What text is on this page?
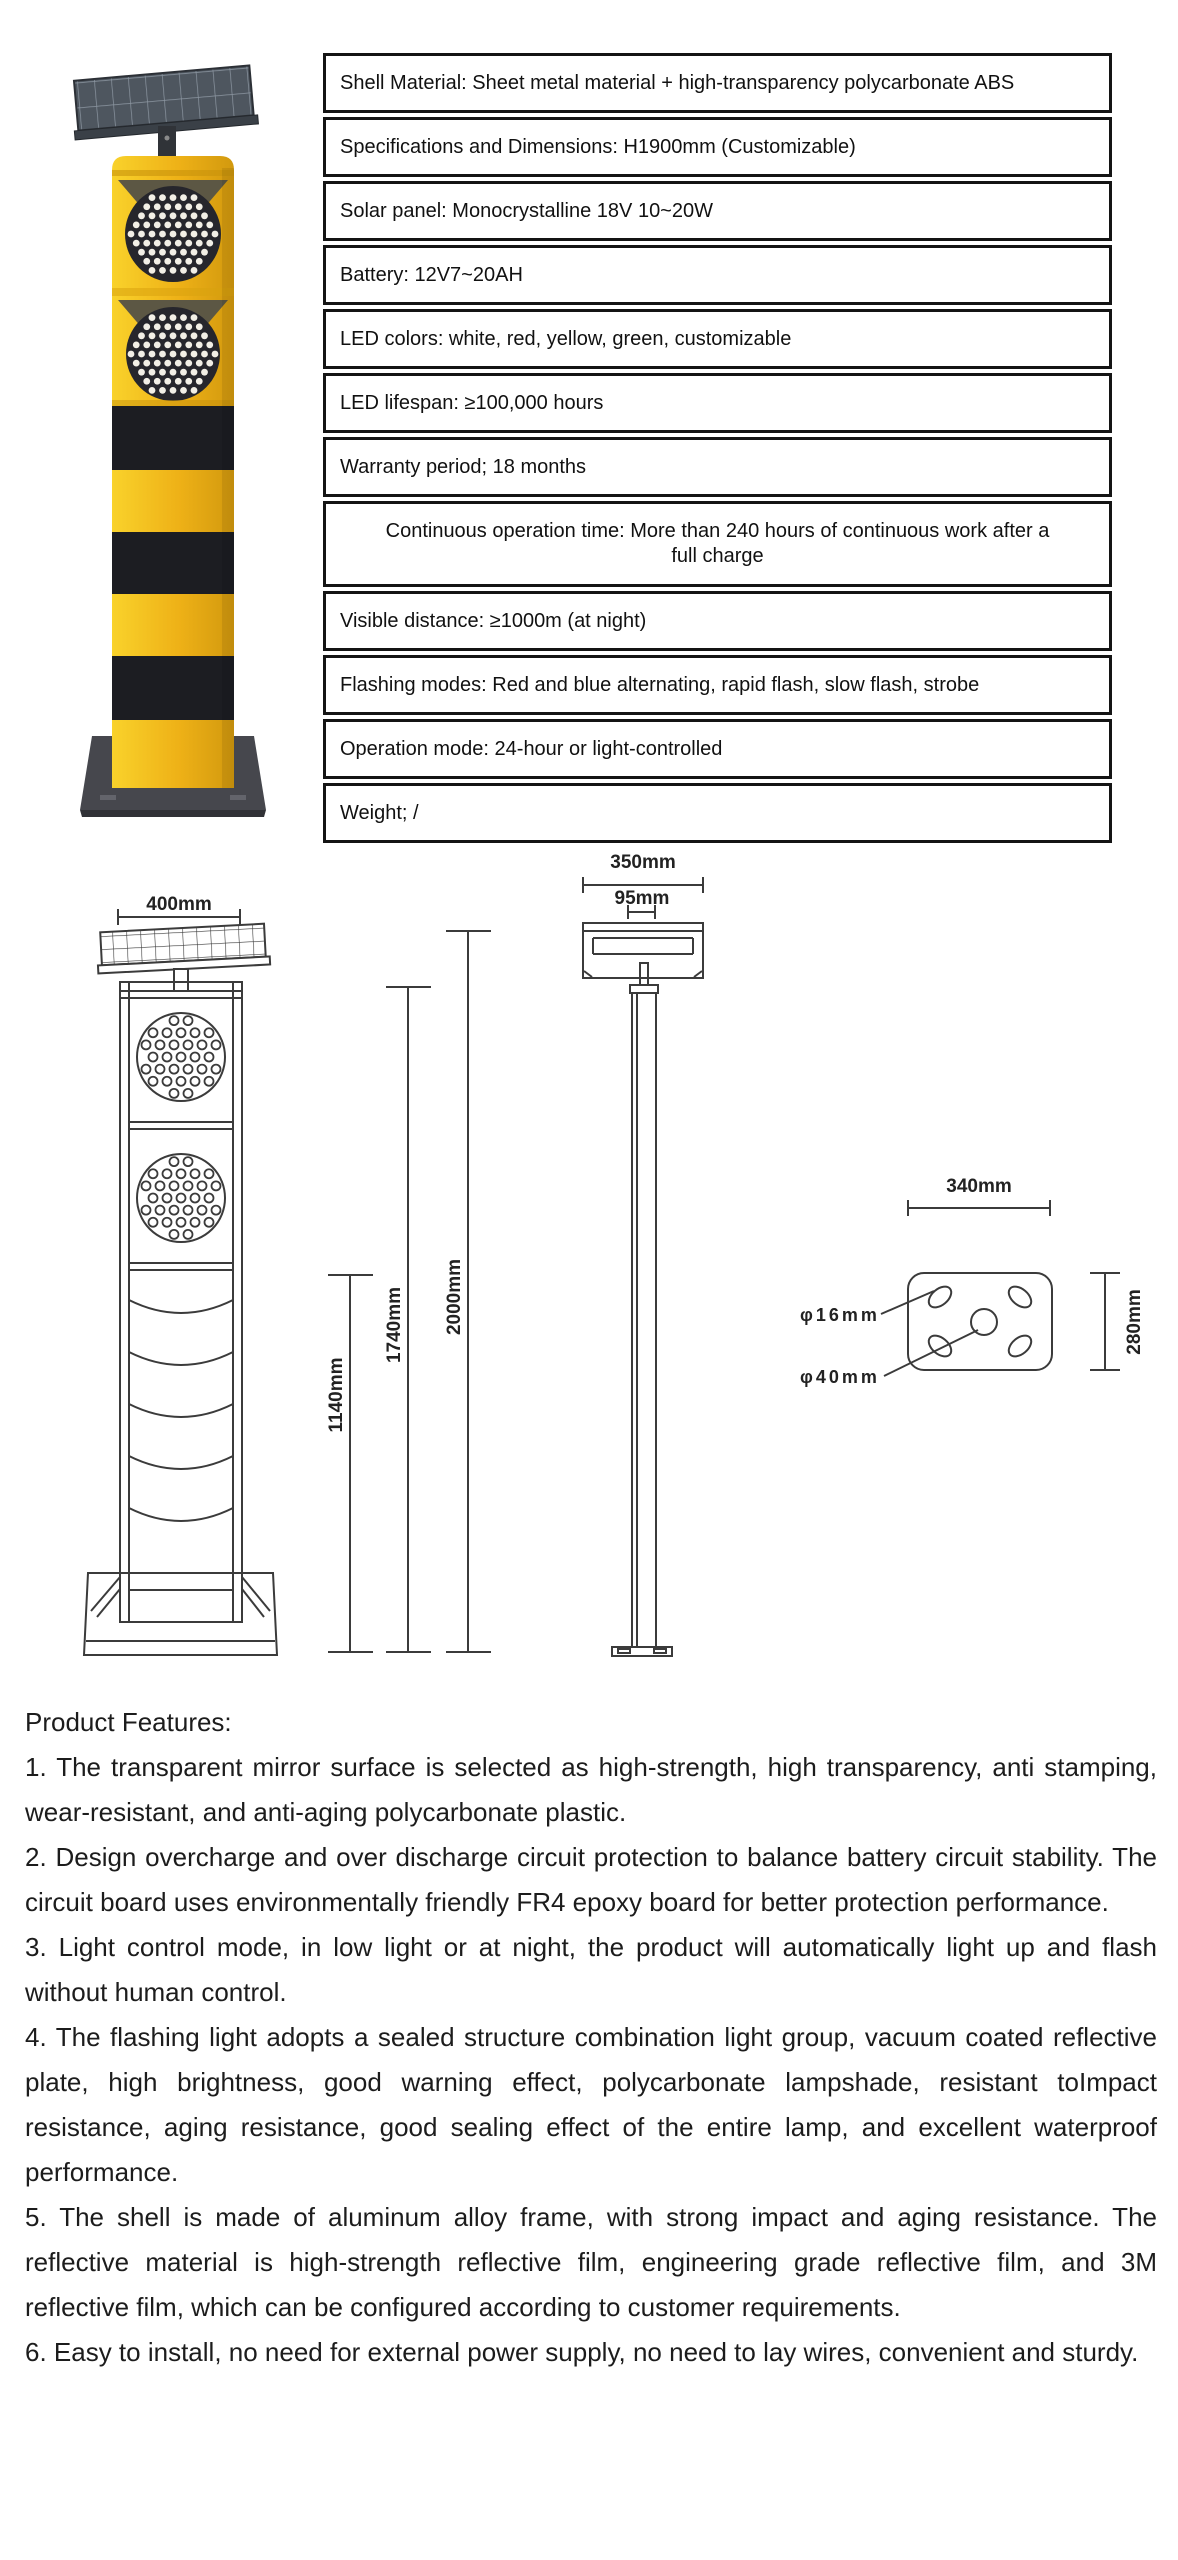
Shell Material: Sheet metal material + high-transparency polycarbonate ABS
Specifications and Dimensions: H1900mm (Customizable)
Solar panel: Monocrystalline 18V 10~20W
Battery: 12V7~20AH
LED colors: white, red, yellow, green, customizable
LED lifespan: ≥100,000 hours
Warranty period; 18 months
Continuous operation time: More than 240 hours of continuous work after a full charge
Visible distance: ≥1000m (at night)
Flashing modes: Red and blue alternating, rapid flash, slow flash, strobe
Operation mode: 24-hour or light-controlled
Weight; /
400mm
1140mm
1740mm 2000mm
350mm
95mm
340mm
280mm
φ16mm
φ40mm

Product Features:

1. The transparent mirror surface is selected as high-strength, high transparency, anti stamping, wear-resistant, and anti-aging polycarbonate plastic.

2. Design overcharge and over discharge circuit protection to balance battery circuit stability. The circuit board uses environmentally friendly FR4 epoxy board for better protection performance.

3. Light control mode, in low light or at night, the product will automatically light up and flash without human control.

4. The flashing light adopts a sealed structure combination light group, vacuum coated reflective plate, high brightness, good warning effect, polycarbonate lampshade, resistant toImpact resistance, aging resistance, good sealing effect of the entire lamp, and excellent waterproof performance.

5. The shell is made of aluminum alloy frame, with strong impact and aging resistance. The reflective material is high-strength reflective film, engineering grade reflective film, and 3M reflective film, which can be configured according to customer requirements.

6. Easy to install, no need for external power supply, no need to lay wires, convenient and sturdy.
